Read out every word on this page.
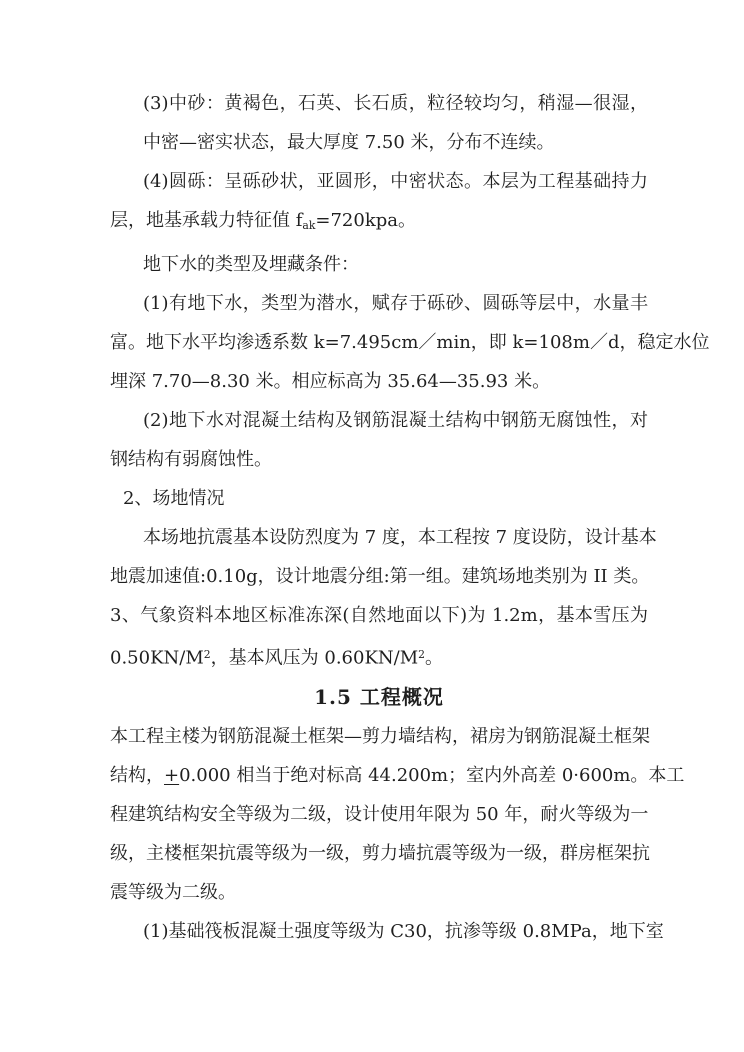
(3)中砂：黄褐色，石英、长石质，粒径较均匀，稍湿—很湿，
中密—密实状态，最大厚度 7.50 米，分布不连续。
(4)圆砾：呈砾砂状，亚圆形，中密状态。本层为工程基础持力
层，地基承载力特征值 $f_{ak}=720kpa$。
地下水的类型及埋藏条件：
(1)有地下水，类型为潜水，赋存于砾砂、圆砾等层中，水量丰
富。地下水平均渗透系数 k=7.495cm／min，即 k=108m／d，稳定水位
埋深 7.70—8.30 米。相应标高为 35.64—35.93 米。
(2)地下水对混凝土结构及钢筋混凝土结构中钢筋无腐蚀性，对
钢结构有弱腐蚀性。
2、场地情况
本场地抗震基本设防烈度为 7 度，本工程按 7 度设防，设计基本
地震加速值:0.10g，设计地震分组:第一组。建筑场地类别为 II 类。
3、气象资料本地区标准冻深(自然地面以下)为 1.2m，基本雪压为
$0.50KN/M^2$，基本风压为 $0.60KN/M^2$。
1.5 工程概况
本工程主楼为钢筋混凝土框架—剪力墙结构，裙房为钢筋混凝土框架
结构，+0.000 相当于绝对标高 44.200m；室内外高差 0·600m。本工
程建筑结构安全等级为二级，设计使用年限为 50 年，耐火等级为一
级，主楼框架抗震等级为一级，剪力墙抗震等级为一级，群房框架抗
震等级为二级。
(1)基础筏板混凝土强度等级为 C30，抗渗等级 0.8MPa，地下室
